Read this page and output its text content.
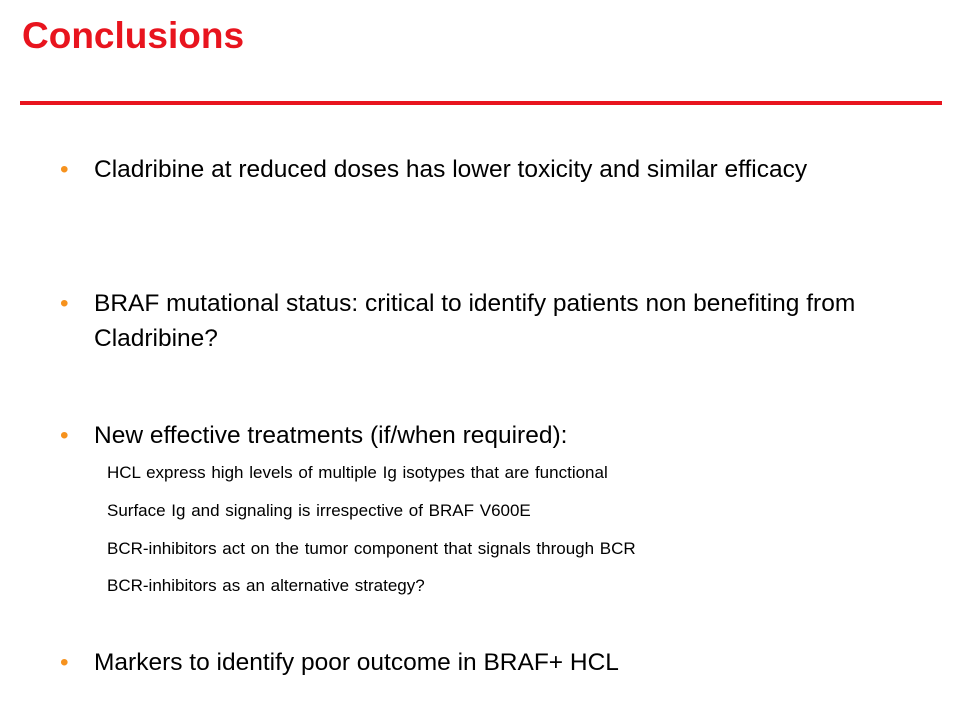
Conclusions
•	Cladribine at reduced doses has lower toxicity and similar efficacy
•	BRAF mutational status: critical to identify patients non benefiting from Cladribine?
•	New effective treatments (if/when required):
HCL express high levels of multiple Ig isotypes that are functional
Surface Ig and signaling is irrespective of BRAF V600E
BCR-inhibitors act on the tumor component that signals through BCR
BCR-inhibitors as an alternative strategy?
•	Markers to identify poor outcome in BRAF+ HCL
